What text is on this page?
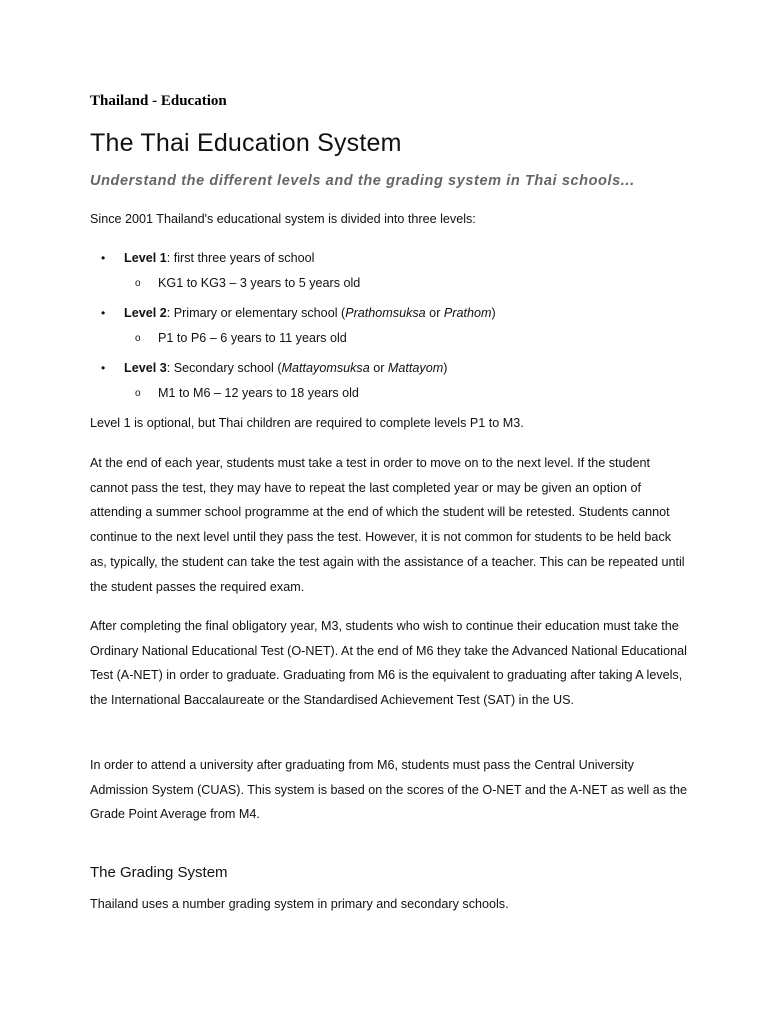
Thailand - Education
The Thai Education System
Understand the different levels and the grading system in Thai schools...

Since 2001 Thailand's educational system is divided into three levels:

• Level 1: first three years of school
o KG1 to KG3 – 3 years to 5 years old
• Level 2: Primary or elementary school (Prathomsuksa or Prathom)
o P1 to P6 – 6 years to 11 years old
• Level 3: Secondary school (Mattayomsuksa or Mattayom)
o M1 to M6 – 12 years to 18 years old

Level 1 is optional, but Thai children are required to complete levels P1 to M3.

At the end of each year, students must take a test in order to move on to the next level. If the student cannot pass the test, they may have to repeat the last completed year or may be given an option of attending a summer school programme at the end of which the student will be retested. Students cannot continue to the next level until they pass the test. However, it is not common for students to be held back as, typically, the student can take the test again with the assistance of a teacher. This can be repeated until the student passes the required exam.

After completing the final obligatory year, M3, students who wish to continue their education must take the Ordinary National Educational Test (O-NET). At the end of M6 they take the Advanced National Educational Test (A-NET) in order to graduate. Graduating from M6 is the equivalent to graduating after taking A levels, the International Baccalaureate or the Standardised Achievement Test (SAT) in the US.

In order to attend a university after graduating from M6, students must pass the Central University Admission System (CUAS). This system is based on the scores of the O-NET and the A-NET as well as the Grade Point Average from M4.

The Grading System

Thailand uses a number grading system in primary and secondary schools.
